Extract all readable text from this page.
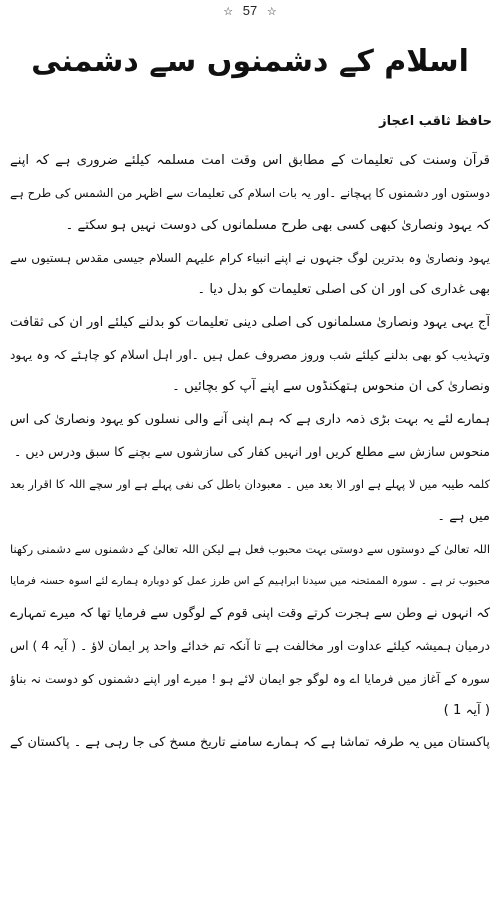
☆ 57 ☆
اسلام کے دشمنوں سے دشمنی
حافظ ثاقب اعجاز
قرآن وسنت کی تعلیمات کے مطابق اس وقت امت مسلمہ کیلئے ضروری ہے کہ اپنے
دوستوں اور دشمنوں کا پہچانے ۔اور یہ بات اسلام کی تعلیمات سے اظہر من الشمس کی طرح ہے
کہ یہود ونصاریٰ کبھی کسی بھی طرح مسلمانوں کی دوست نہیں ہو سکتے ۔
یہود ونصاریٰ وہ بدترین لوگ جنہوں نے اپنے انبیاء کرام علیہم السلام جیسی مقدس ہستیوں سے
بھی غداری کی اور ان کی اصلی تعلیمات کو بدل دیا ۔
آج یہی یہود ونصاریٰ مسلمانوں کی اصلی دینی تعلیمات کو بدلنے کیلئے اور ان کی ثقافت
وتہذیب کو بھی بدلنے کیلئے شب وروز مصروف عمل ہیں ۔اور اہل اسلام کو چاہئے کہ وہ یہود
ونصاریٰ کی ان منحوس ہتھکنڈوں سے اپنے آپ کو بچائیں ۔
ہمارے لئے یہ بہت بڑی ذمہ داری ہے کہ ہم اپنی آنے والی نسلوں کو یہود ونصاریٰ کی اس
منحوس سازش سے مطلع کریں اور انہیں کفار کی سازشوں سے بچنے کا سبق ودرس دیں ۔
کلمہ طیبہ میں لا پہلے ہے اور الا بعد میں ۔ معبودان باطل کی نفی پہلے ہے اور سچے اللہ کا اقرار بعد
میں ہے ۔
اللہ تعالیٰ کے دوستوں سے دوستی بہت محبوب فعل ہے لیکن اللہ تعالیٰ کے دشمنوں سے دشمنی رکھنا
محبوب تر ہے ۔ سورہ الممتحنہ میں سیدنا ابراہیم کے اس طرز عمل کو دوبارہ ہمارے لئے اسوہ حسنہ فرمایا
کہ انہوں نے وطن سے ہجرت کرتے وقت اپنی قوم کے لوگوں سے فرمایا تھا کہ میرے تمہارے
درمیان ہمیشہ کیلئے عداوت اور مخالفت ہے تا آنکہ تم خدائے واحد پر ایمان لاؤ ۔ ( آیہ 4 ) اس
سورہ کے آغاز میں فرمایا اے وہ لوگو جو ایمان لائے ہو ! میرے اور اپنے دشمنوں کو دوست نہ بناؤ
( آیہ 1 )
پاکستان میں یہ طرفہ تماشا ہے کہ ہمارے سامنے تاریخ مسخ کی جا رہی ہے ۔ پاکستان کے
